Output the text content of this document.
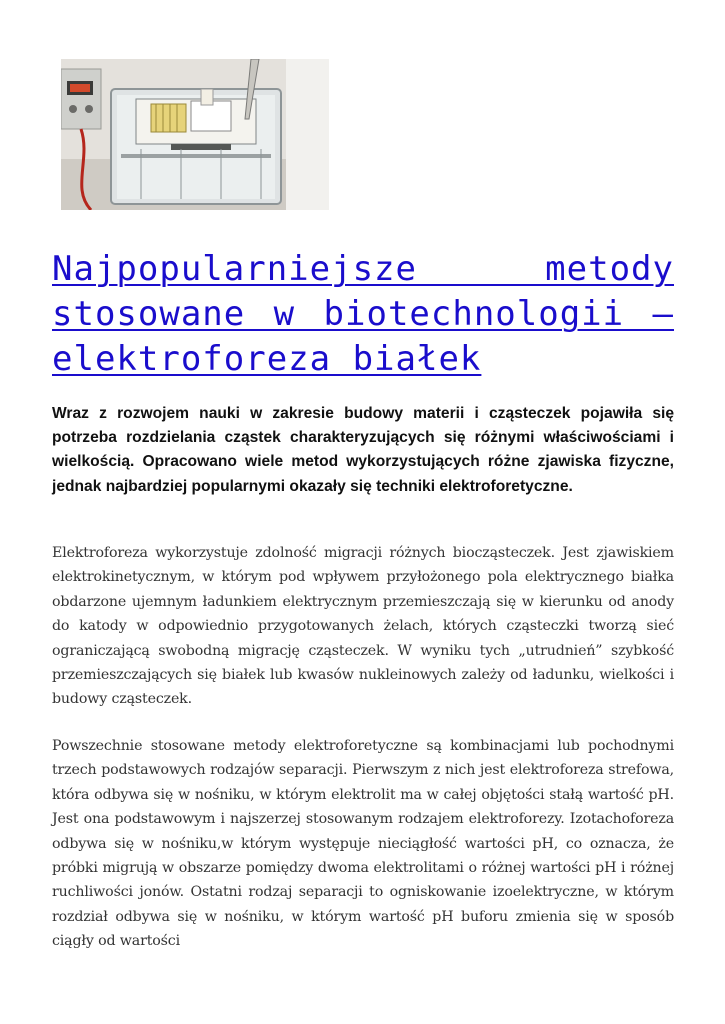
Najpopularniejsze metody stosowane w biotechnologii — elektroforeza białek

Wraz z rozwojem nauki w zakresie budowy materii i cząsteczek pojawiła się potrzeba rozdzielania cząstek charakteryzujących się różnymi właściwościami i wielkością. Opracowano wiele metod wykorzystujących różne zjawiska fizyczne, jednak najbardziej popularnymi okazały się techniki elektroforetyczne.

Elektroforeza wykorzystuje zdolność migracji różnych biocząsteczek. Jest zjawiskiem elektrokinetycznym, w którym pod wpływem przyłożonego pola elektrycznego białka obdarzone ujemnym ładunkiem elektrycznym przemieszczają się w kierunku od anody do katody w odpowiednio przygotowanych żelach, których cząsteczki tworzą sieć ograniczającą swobodną migrację cząsteczek. W wyniku tych „utrudnień” szybkość przemieszczających się białek lub kwasów nukleinowych zależy od ładunku, wielkości i budowy cząsteczek.

Powszechnie stosowane metody elektroforetyczne są kombinacjami lub pochodnymi trzech podstawowych rodzajów separacji. Pierwszym z nich jest elektroforeza strefowa, która odbywa się w nośniku, w którym elektrolit ma w całej objętości stałą wartość pH. Jest ona podstawowym i najszerzej stosowanym rodzajem elektroforezy. Izotachoforeza odbywa się w nośniku,w którym występuje nieciągłość wartości pH, co oznacza, że próbki migrują w obszarze pomiędzy dwoma elektrolitami o różnej wartości pH i różnej ruchliwości jonów. Ostatni rodzaj separacji to ogniskowanie izoelektryczne, w którym rozdział odbywa się w nośniku, w którym wartość pH buforu zmienia się w sposób ciągły od wartości
